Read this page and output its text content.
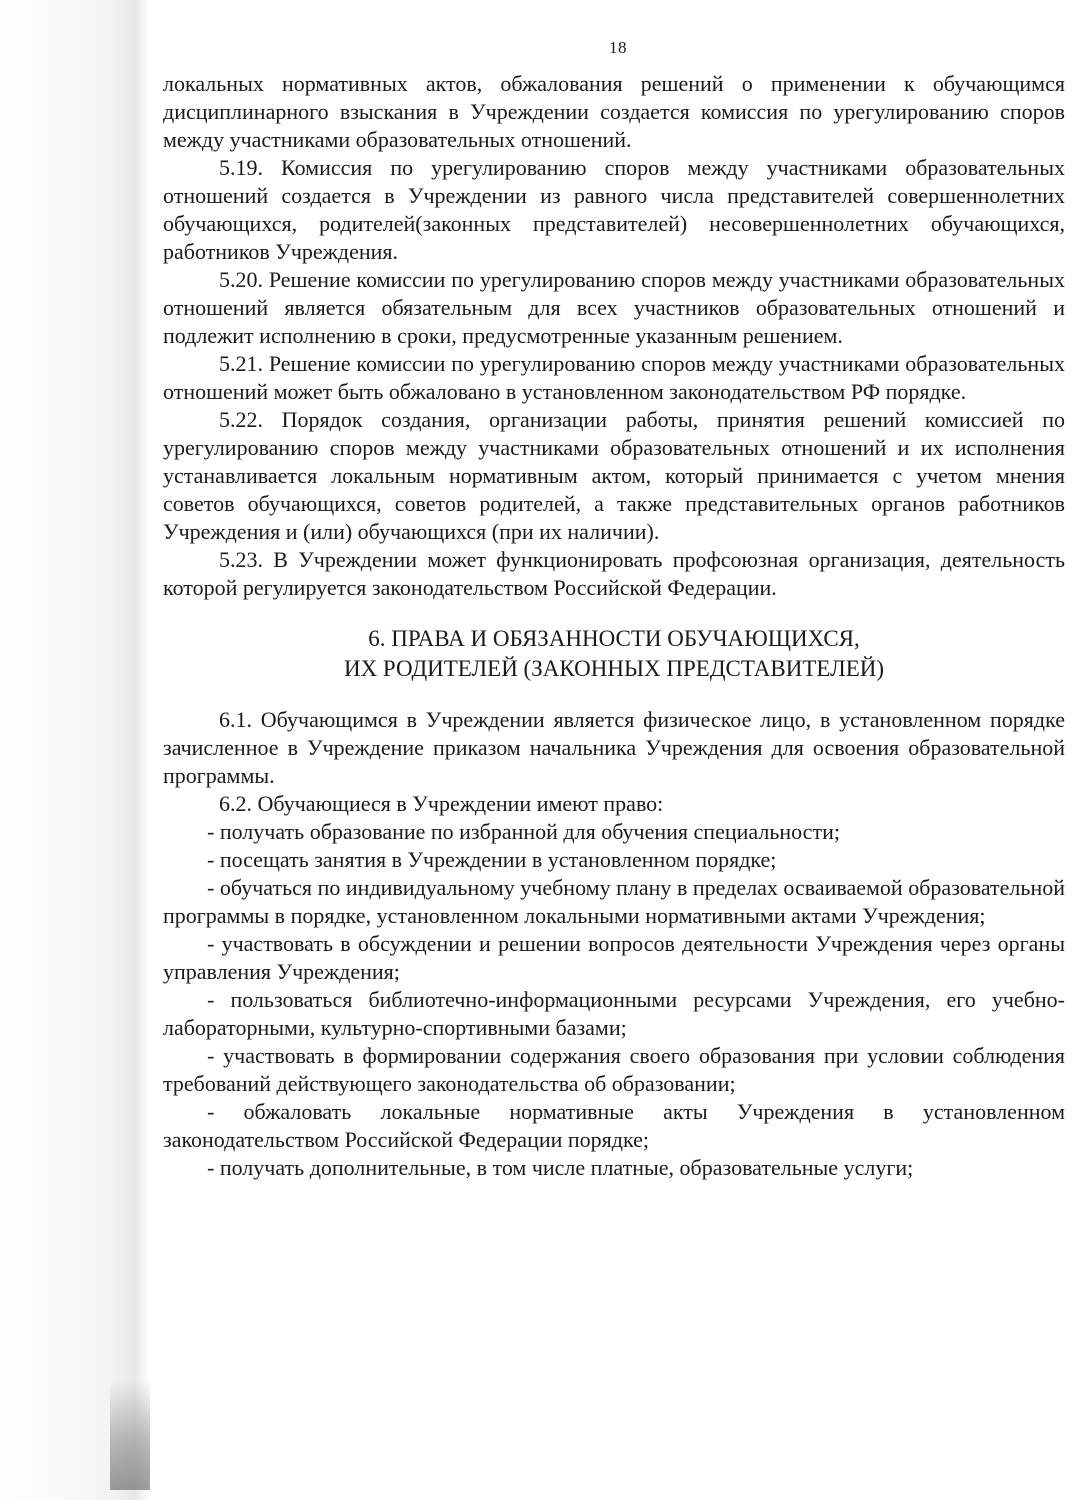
18

локальных нормативных актов, обжалования решений о применении к обучающимся дисциплинарного взыскания в Учреждении создается комиссия по урегулированию споров между участниками образовательных отношений.

5.19. Комиссия по урегулированию споров между участниками образовательных отношений создается в Учреждении из равного числа представителей совершеннолетних обучающихся, родителей(законных представителей) несовершеннолетних обучающихся, работников Учреждения.

5.20. Решение комиссии по урегулированию споров между участниками образовательных отношений является обязательным для всех участников образовательных отношений и подлежит исполнению в сроки, предусмотренные указанным решением.

5.21. Решение комиссии по урегулированию споров между участниками образовательных отношений может быть обжаловано в установленном законодательством РФ порядке.

5.22. Порядок создания, организации работы, принятия решений комиссией по урегулированию споров между участниками образовательных отношений и их исполнения устанавливается локальным нормативным актом, который принимается с учетом мнения советов обучающихся, советов родителей, а также представительных органов работников Учреждения и (или) обучающихся (при их наличии).

5.23. В Учреждении может функционировать профсоюзная организация, деятельность которой регулируется законодательством Российской Федерации.

6. ПРАВА И ОБЯЗАННОСТИ ОБУЧАЮЩИХСЯ,
ИХ РОДИТЕЛЕЙ (ЗАКОННЫХ ПРЕДСТАВИТЕЛЕЙ)

6.1. Обучающимся в Учреждении является физическое лицо, в установленном порядке зачисленное в Учреждение приказом начальника Учреждения для освоения образовательной программы.

6.2. Обучающиеся в Учреждении имеют право:

- получать образование по избранной для обучения специальности;

- посещать занятия в Учреждении в установленном порядке;

- обучаться по индивидуальному учебному плану в пределах осваиваемой образовательной программы в порядке, установленном локальными нормативными актами Учреждения;

- участвовать в обсуждении и решении вопросов деятельности Учреждения через органы управления Учреждения;

- пользоваться библиотечно-информационными ресурсами Учреждения, его учебно-лабораторными, культурно-спортивными базами;

- участвовать в формировании содержания своего образования при условии соблюдения требований действующего законодательства об образовании;

- обжаловать локальные нормативные акты Учреждения в установленном законодательством Российской Федерации порядке;

- получать дополнительные, в том числе платные, образовательные услуги;
